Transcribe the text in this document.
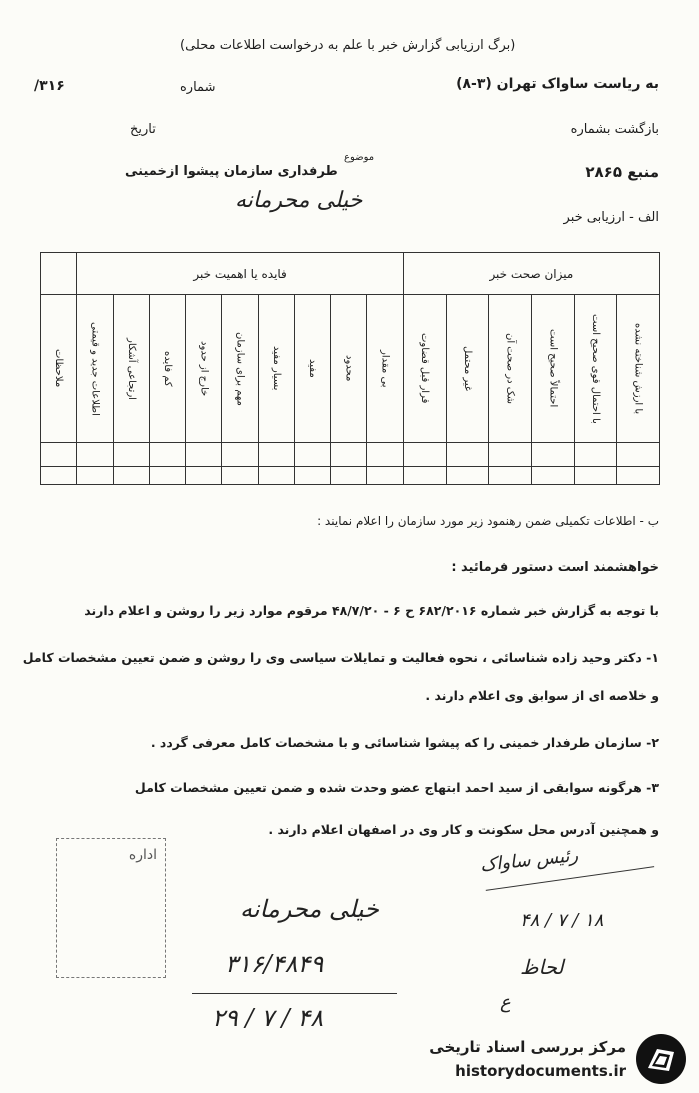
(برگ ارزیابی گزارش خبر با علم به درخواست اطلاعات محلی)
به ریاست ساواک تهران (۳-۸)
شماره
۳۱۶/
بازگشت بشماره
تاریخ
منبع ۲۸۶۵
موضوع
طرفداری سازمان پیشوا ازخمینی
خیلی محرمانه
الف - ارزیابی خبر
میزان صحت خبر						فایده یا اهمیت خبر									

با ارزش شناخته نشده	با احتمال قوی صحیح است	احتمالاً صحیح است	شک در صحت آن	غیر محتمل	قرار قبل قضاوت	بی مقدار	محدود	مفید	بسیار مفید	مهم برای سازمان	خارج از حدود	کم فایده	ارتجاعی آشکار	اطلاعات جدید و قیمتی	ملاحظات

ب - اطلاعات تکمیلی ضمن رهنمود زیر مورد سازمان را اعلام نمایند :
خواهشمند است دستور فرمائید :
با توجه به گزارش خبر شماره ۶۸۲/۲۰۱۶ ح ۶ - ۴۸/۷/۲۰ مرقوم موارد زیر را روشن و اعلام دارند
۱- دکتر وحید زاده شناسائی ، نحوه فعالیت و تمایلات سیاسی وی را روشن و ضمن تعیین مشخصات کامل
و خلاصه ای از سوابق وی اعلام دارند .
۲- سازمان طرفدار خمینی را که پیشوا شناسائی و با مشخصات کامل معرفی گردد .
۳- هرگونه سوابقی از سید احمد ابتهاج عضو وحدت شده و ضمن تعیین مشخصات کامل
و همچنین آدرس محل سکونت و کار وی در اصفهان اعلام دارند .
اداره	رئیس ساواک
خیلی محرمانه
۳۱۶/۴۸۴۹
۴۸ / ۷ / ۲۹
۱۸ / ۷ / ۴۸
لحاظ
ع
مرکز بررسی اسناد تاریخی
historydocuments.ir
